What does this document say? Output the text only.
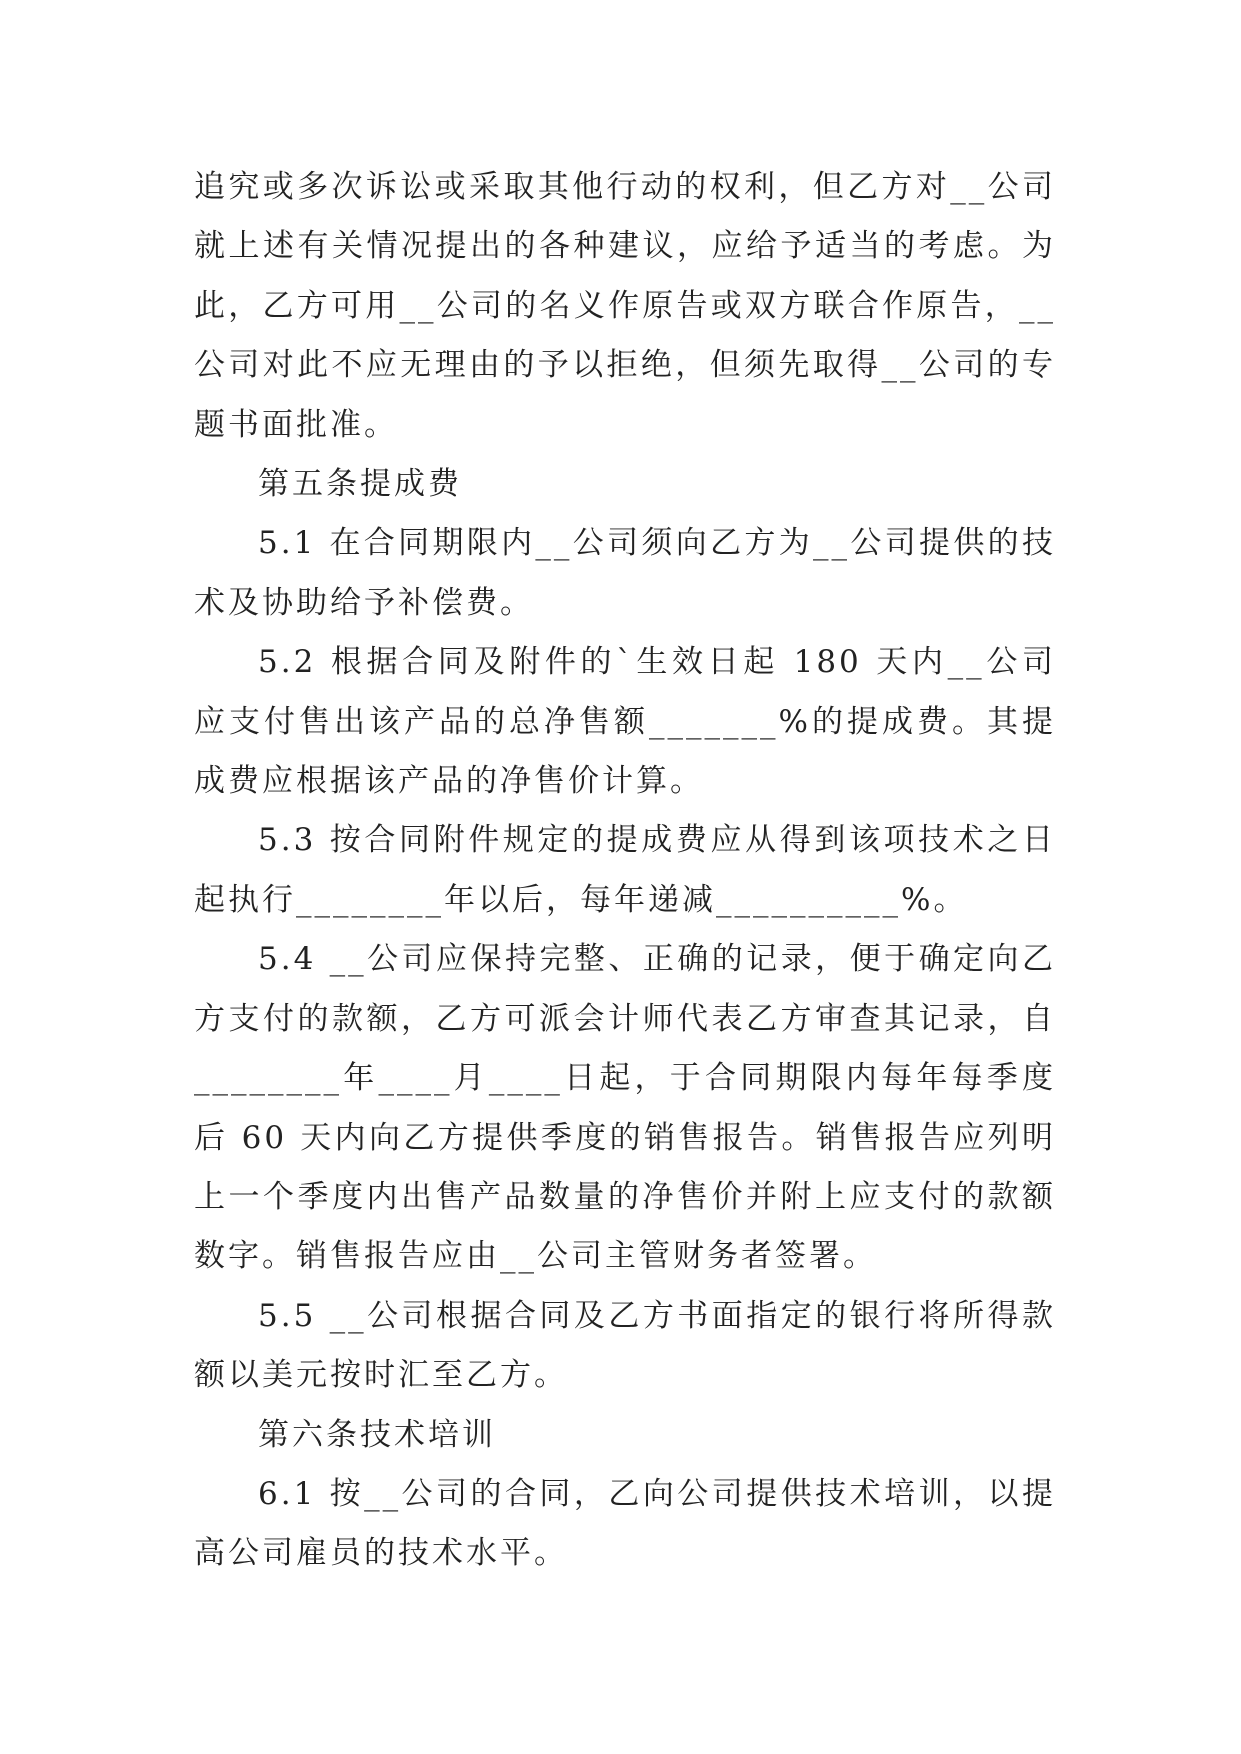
追究或多次诉讼或采取其他行动的权利，但乙方对__公司就上述有关情况提出的各种建议，应给予适当的考虑。为此，乙方可用__公司的名义作原告或双方联合作原告，__公司对此不应无理由的予以拒绝，但须先取得__公司的专题书面批准。

第五条提成费

5.1 在合同期限内__公司须向乙方为__公司提供的技术及协助给予补偿费。

5.2 根据合同及附件的`生效日起 180 天内__公司应支付售出该产品的总净售额_______%的提成费。其提成费应根据该产品的净售价计算。

5.3 按合同附件规定的提成费应从得到该项技术之日起执行________年以后，每年递减__________%。

5.4 __公司应保持完整、正确的记录，便于确定向乙方支付的款额，乙方可派会计师代表乙方审查其记录，自________年____月____日起，于合同期限内每年每季度后 60 天内向乙方提供季度的销售报告。销售报告应列明上一个季度内出售产品数量的净售价并附上应支付的款额数字。销售报告应由__公司主管财务者签署。

5.5 __公司根据合同及乙方书面指定的银行将所得款额以美元按时汇至乙方。

第六条技术培训

6.1 按__公司的合同，乙向公司提供技术培训，以提高公司雇员的技术水平。
